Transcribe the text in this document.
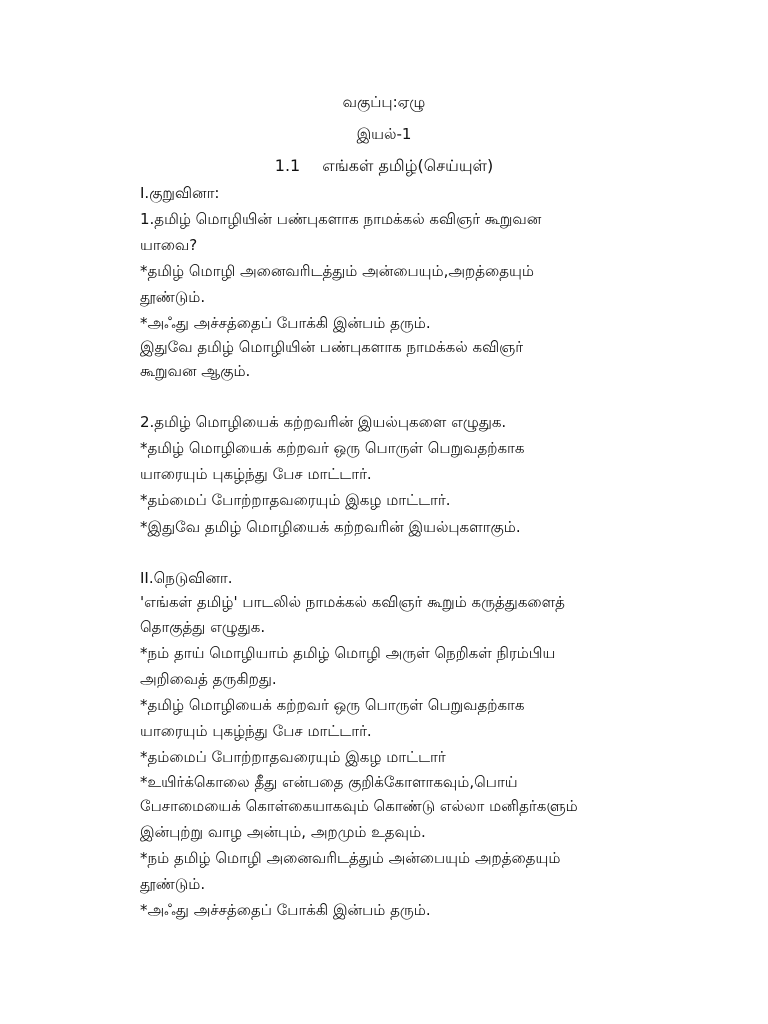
வகுப்பு:ஏழு
இயல்-1
1.1 எங்கள் தமிழ்(செய்யுள்)
I.குறுவினா:
1.தமிழ் மொழியின் பண்புகளாக நாமக்கல் கவிஞர் கூறுவன
யாவை?
*தமிழ் மொழி அனைவரிடத்தும் அன்பையும்,அறத்தையும்
தூண்டும்.
*அஃது அச்சத்தைப் போக்கி இன்பம் தரும்.
இதுவே தமிழ் மொழியின் பண்புகளாக நாமக்கல் கவிஞர்
கூறுவன ஆகும்.
2.தமிழ் மொழியைக் கற்றவரின் இயல்புகளை எழுதுக.
*தமிழ் மொழியைக் கற்றவர் ஒரு பொருள் பெறுவதற்காக
யாரையும் புகழ்ந்து பேச மாட்டார்.
*தம்மைப் போற்றாதவரையும் இகழ மாட்டார்.
*இதுவே தமிழ் மொழியைக் கற்றவரின் இயல்புகளாகும்.
II.நெடுவினா.
'எங்கள் தமிழ்' பாடலில் நாமக்கல் கவிஞர் கூறும் கருத்துகளைத்
தொகுத்து எழுதுக.
*நம் தாய் மொழியாம் தமிழ் மொழி அருள் நெறிகள் நிரம்பிய
அறிவைத் தருகிறது.
*தமிழ் மொழியைக் கற்றவர் ஒரு பொருள் பெறுவதற்காக
யாரையும் புகழ்ந்து பேச மாட்டார்.
*தம்மைப் போற்றாதவரையும் இகழ மாட்டார்
*உயிர்க்கொலை தீது என்பதை குறிக்கோளாகவும்,பொய்
பேசாமையைக் கொள்கையாகவும் கொண்டு எல்லா மனிதர்களும்
இன்புற்று வாழ அன்பும், அறமும் உதவும்.
*நம் தமிழ் மொழி அனைவரிடத்தும் அன்பையும் அறத்தையும்
தூண்டும்.
*அஃது அச்சத்தைப் போக்கி இன்பம் தரும்.
